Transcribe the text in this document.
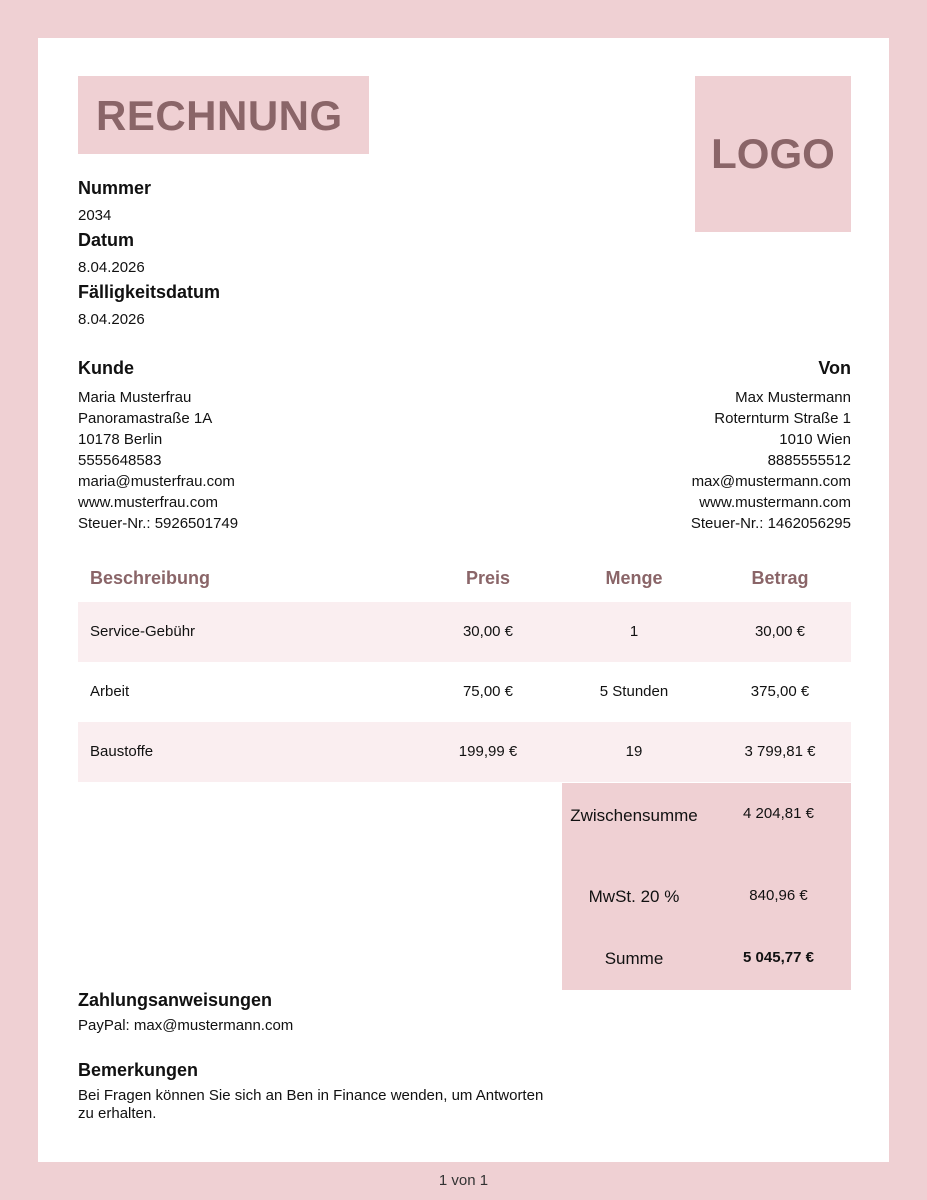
RECHNUNG
LOGO
Nummer
2034
Datum
8.04.2026
Fälligkeitsdatum
8.04.2026
Kunde
Maria Musterfrau
Panoramastraße 1A
10178 Berlin
5555648583
maria@musterfrau.com
www.musterfrau.com
Steuer-Nr.: 5926501749
Von
Max Mustermann
Roternturm Straße 1
1010 Wien
8885555512
max@mustermann.com
www.mustermann.com
Steuer-Nr.: 1462056295
Beschreibung	Preis	Menge	Betrag
Service-Gebühr	30,00 €	1	30,00 €
Arbeit	75,00 €	5 Stunden	375,00 €
Baustoffe	199,99 €	19	3 799,81 €
Zwischensumme	4 204,81 €
MwSt. 20 %	840,96 €
Summe	5 045,77 €
Zahlungsanweisungen
PayPal: max@mustermann.com
Bemerkungen
Bei Fragen können Sie sich an Ben in Finance wenden, um Antworten zu erhalten.
1 von 1
